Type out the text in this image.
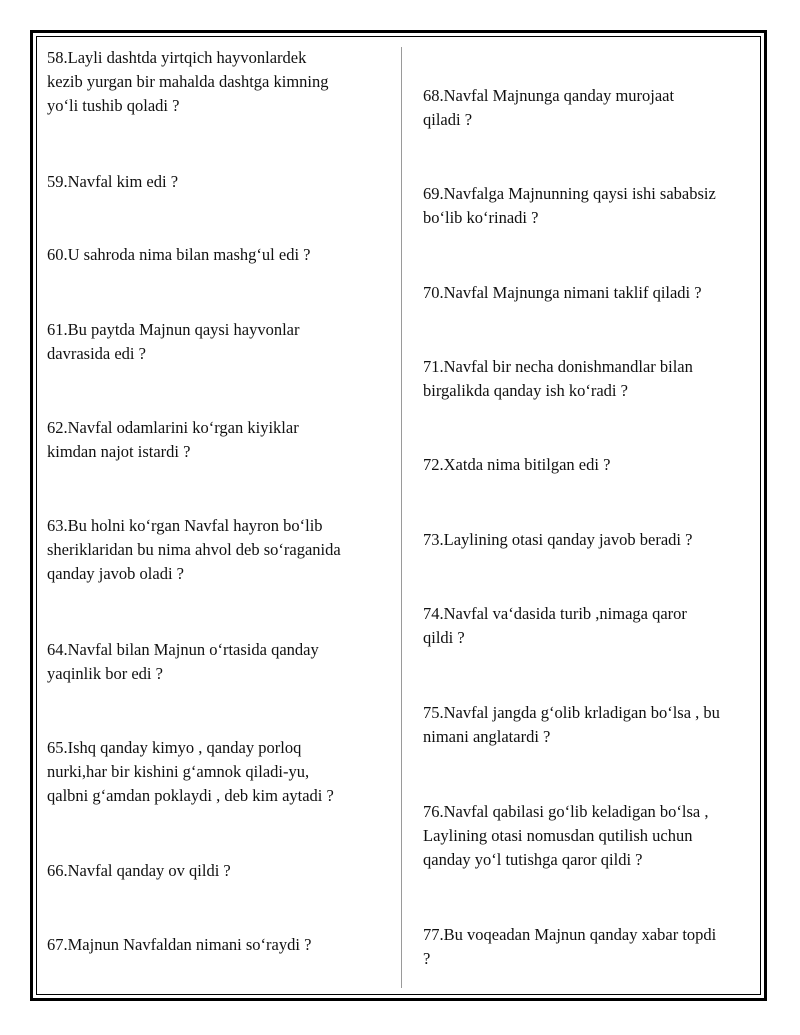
58.Layli dashtda yirtqich hayvonlardek
kezib yurgan bir mahalda dashtga kimning
yo‘li tushib qoladi ?

59.Navfal kim edi ?

60.U sahroda nima bilan mashg‘ul edi ?

61.Bu paytda Majnun qaysi hayvonlar
davrasida edi ?

62.Navfal odamlarini ko‘rgan kiyiklar
kimdan najot istardi ?

63.Bu holni ko‘rgan Navfal hayron bo‘lib
sheriklaridan bu nima ahvol deb so‘raganida
qanday javob oladi ?

64.Navfal bilan Majnun o‘rtasida qanday
yaqinlik bor edi ?

65.Ishq qanday kimyo , qanday porloq
nurki,har bir kishini g‘amnok qiladi-yu,
qalbni g‘amdan poklaydi , deb kim aytadi ?

66.Navfal qanday ov qildi ?

67.Majnun Navfaldan nimani so‘raydi ?

68.Navfal Majnunga qanday murojaat
qiladi ?

69.Navfalga Majnunning qaysi ishi sababsiz
bo‘lib ko‘rinadi ?

70.Navfal Majnunga nimani taklif qiladi ?

71.Navfal bir necha donishmandlar bilan
birgalikda qanday ish ko‘radi ?

72.Xatda nima bitilgan edi ?

73.Laylining otasi qanday javob beradi ?

74.Navfal va‘dasida turib ,nimaga qaror
qildi ?

75.Navfal jangda g‘olib krladigan bo‘lsa , bu
nimani anglatardi ?

76.Navfal qabilasi go‘lib keladigan bo‘lsa ,
Laylining otasi nomusdan qutilish uchun
qanday yo‘l tutishga qaror qildi ?

77.Bu voqeadan Majnun qanday xabar topdi
?
